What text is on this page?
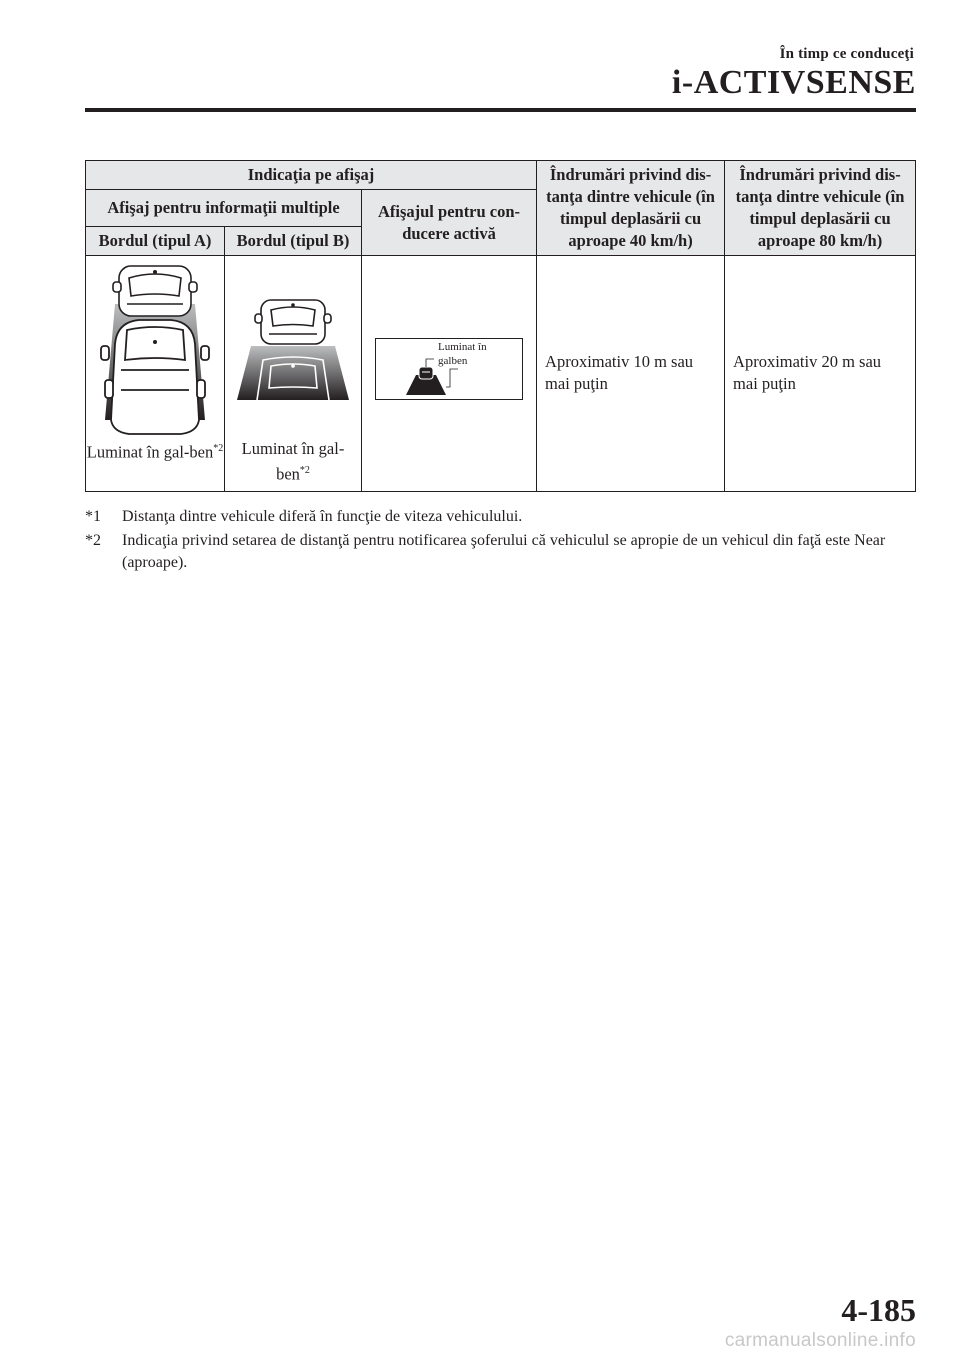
În timp ce conduceţi
i-ACTIVSENSE
Indicaţia pe afişaj			Îndrumări privind dis-tanţa dintre vehicule (în timpul deplasării cu aproape 40 km/h)	Îndrumări privind dis-tanţa dintre vehicule (în timpul deplasării cu aproape 80 km/h)
Afişaj pentru informaţii multiple		Afişajul pentru con-ducere activă		
Bordul (tipul A)	Bordul (tipul B)			

Luminat în gal-ben$^{*2}$	Luminat în gal-ben$^{*2}$	Luminat în galben	Aproximativ 10 m sau mai puţin	Aproximativ 20 m sau mai puţin
*1 Distanţa dintre vehicule diferă în funcţie de viteza vehiculului.
*2 Indicaţia privind setarea de distanţă pentru notificarea şoferului că vehiculul se apropie de un vehicul din faţă este Near (aproape).
4-185
carmanualsonline.info
